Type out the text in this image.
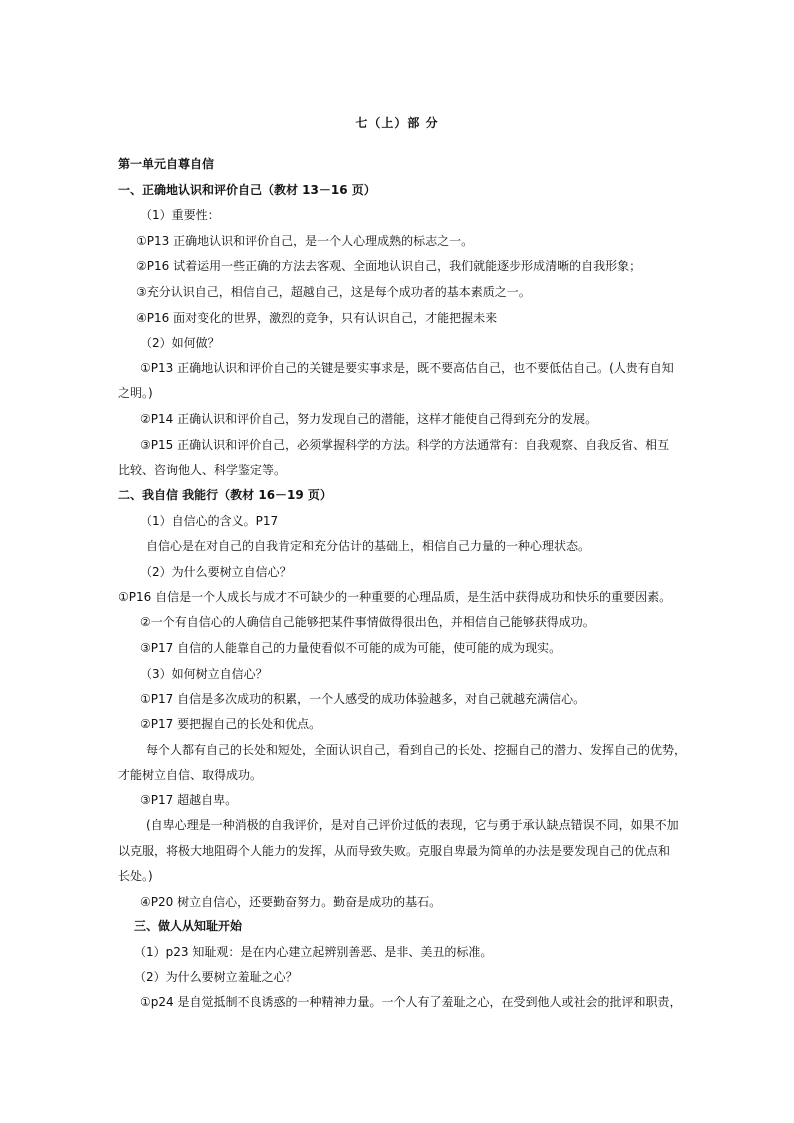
七（上）部 分
第一单元自尊自信
一、正确地认识和评价自己（教材 13－16 页）
（1）重要性：
①P13 正确地认识和评价自己，是一个人心理成熟的标志之一。
②P16 试着运用一些正确的方法去客观、全面地认识自己，我们就能逐步形成清晰的自我形象；
③充分认识自己，相信自己，超越自己，这是每个成功者的基本素质之一。
④P16 面对变化的世界，激烈的竞争，只有认识自己，才能把握未来
（2）如何做？
①P13 正确地认识和评价自己的关键是要实事求是，既不要高估自己，也不要低估自己。(人贵有自知
之明。)
②P14 正确认识和评价自己，努力发现自己的潜能，这样才能使自己得到充分的发展。
③P15 正确认识和评价自己，必须掌握科学的方法。科学的方法通常有：自我观察、自我反省、相互
比较、咨询他人、科学鉴定等。
二、我自信 我能行（教材 16－19 页）
（1）自信心的含义。P17
自信心是在对自己的自我肯定和充分估计的基础上，相信自己力量的一种心理状态。
（2）为什么要树立自信心？
①P16 自信是一个人成长与成才不可缺少的一种重要的心理品质，是生活中获得成功和快乐的重要因素。
②一个有自信心的人确信自己能够把某件事情做得很出色，并相信自己能够获得成功。
③P17 自信的人能靠自己的力量使看似不可能的成为可能，使可能的成为现实。
（3）如何树立自信心？
①P17 自信是多次成功的积累，一个人感受的成功体验越多，对自己就越充满信心。
②P17 要把握自己的长处和优点。
每个人都有自己的长处和短处，全面认识自己，看到自己的长处、挖掘自己的潜力、发挥自己的优势，
才能树立自信、取得成功。
③P17 超越自卑。
(自卑心理是一种消极的自我评价，是对自己评价过低的表现，它与勇于承认缺点错误不同，如果不加
以克服，将极大地阻碍个人能力的发挥，从而导致失败。克服自卑最为简单的办法是要发现自己的优点和
长处。)
④P20 树立自信心，还要勤奋努力。勤奋是成功的基石。
三、做人从知耻开始
（1）p23 知耻观：是在内心建立起辨别善恶、是非、美丑的标准。
（2）为什么要树立羞耻之心？
①p24 是自觉抵制不良诱惑的一种精神力量。一个人有了羞耻之心，在受到他人或社会的批评和职责，
